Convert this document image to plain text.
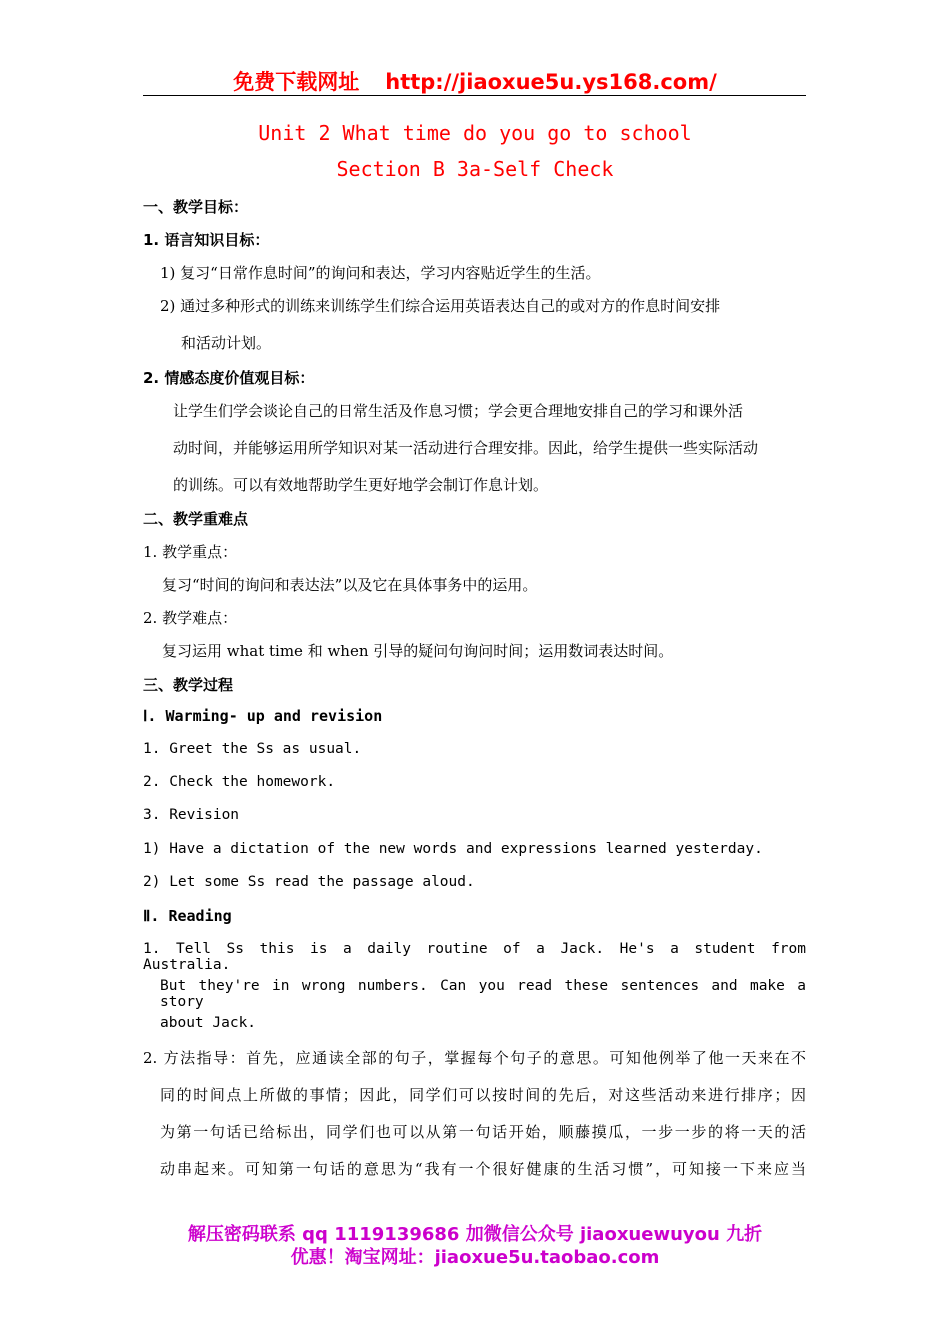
免费下载网址 http://jiaoxue5u.ys168.com/
Unit 2 What time do you go to school
Section B 3a-Self Check
一、教学目标：
1. 语言知识目标：
1) 复习“日常作息时间”的询问和表达，学习内容贴近学生的生活。
2) 通过多种形式的训练来训练学生们综合运用英语表达自己的或对方的作息时间安排
和活动计划。
2. 情感态度价值观目标：
让学生们学会谈论自己的日常生活及作息习惯；学会更合理地安排自己的学习和课外活
动时间，并能够运用所学知识对某一活动进行合理安排。因此，给学生提供一些实际活动
的训练。可以有效地帮助学生更好地学会制订作息计划。
二、教学重难点
1. 教学重点：
复习“时间的询问和表达法”以及它在具体事务中的运用。
2. 教学难点：
复习运用 what time 和 when 引导的疑问句询问时间；运用数词表达时间。
三、教学过程
Ⅰ. Warming- up and revision
1. Greet the Ss as usual.
2. Check the homework.
3. Revision
1) Have a dictation of the new words and expressions learned yesterday.
2) Let some Ss read the passage aloud.
Ⅱ. Reading
1. Tell Ss this is a daily routine of a Jack. He's a student from Australia.
But they're in wrong numbers. Can you read these sentences and make a story
about Jack.
2. 方法指导：首先，应通读全部的句子，掌握每个句子的意思。可知他例举了他一天来在不
同的时间点上所做的事情；因此，同学们可以按时间的先后，对这些活动来进行排序；因
为第一句话已给标出，同学们也可以从第一句话开始，顺藤摸瓜，一步一步的将一天的活
动串起来。可知第一句话的意思为“我有一个很好健康的生活习惯”，可知接一下来应当
解压密码联系 qq 1119139686 加微信公众号 jiaoxuewuyou 九折
优惠！淘宝网址：jiaoxue5u.taobao.com
